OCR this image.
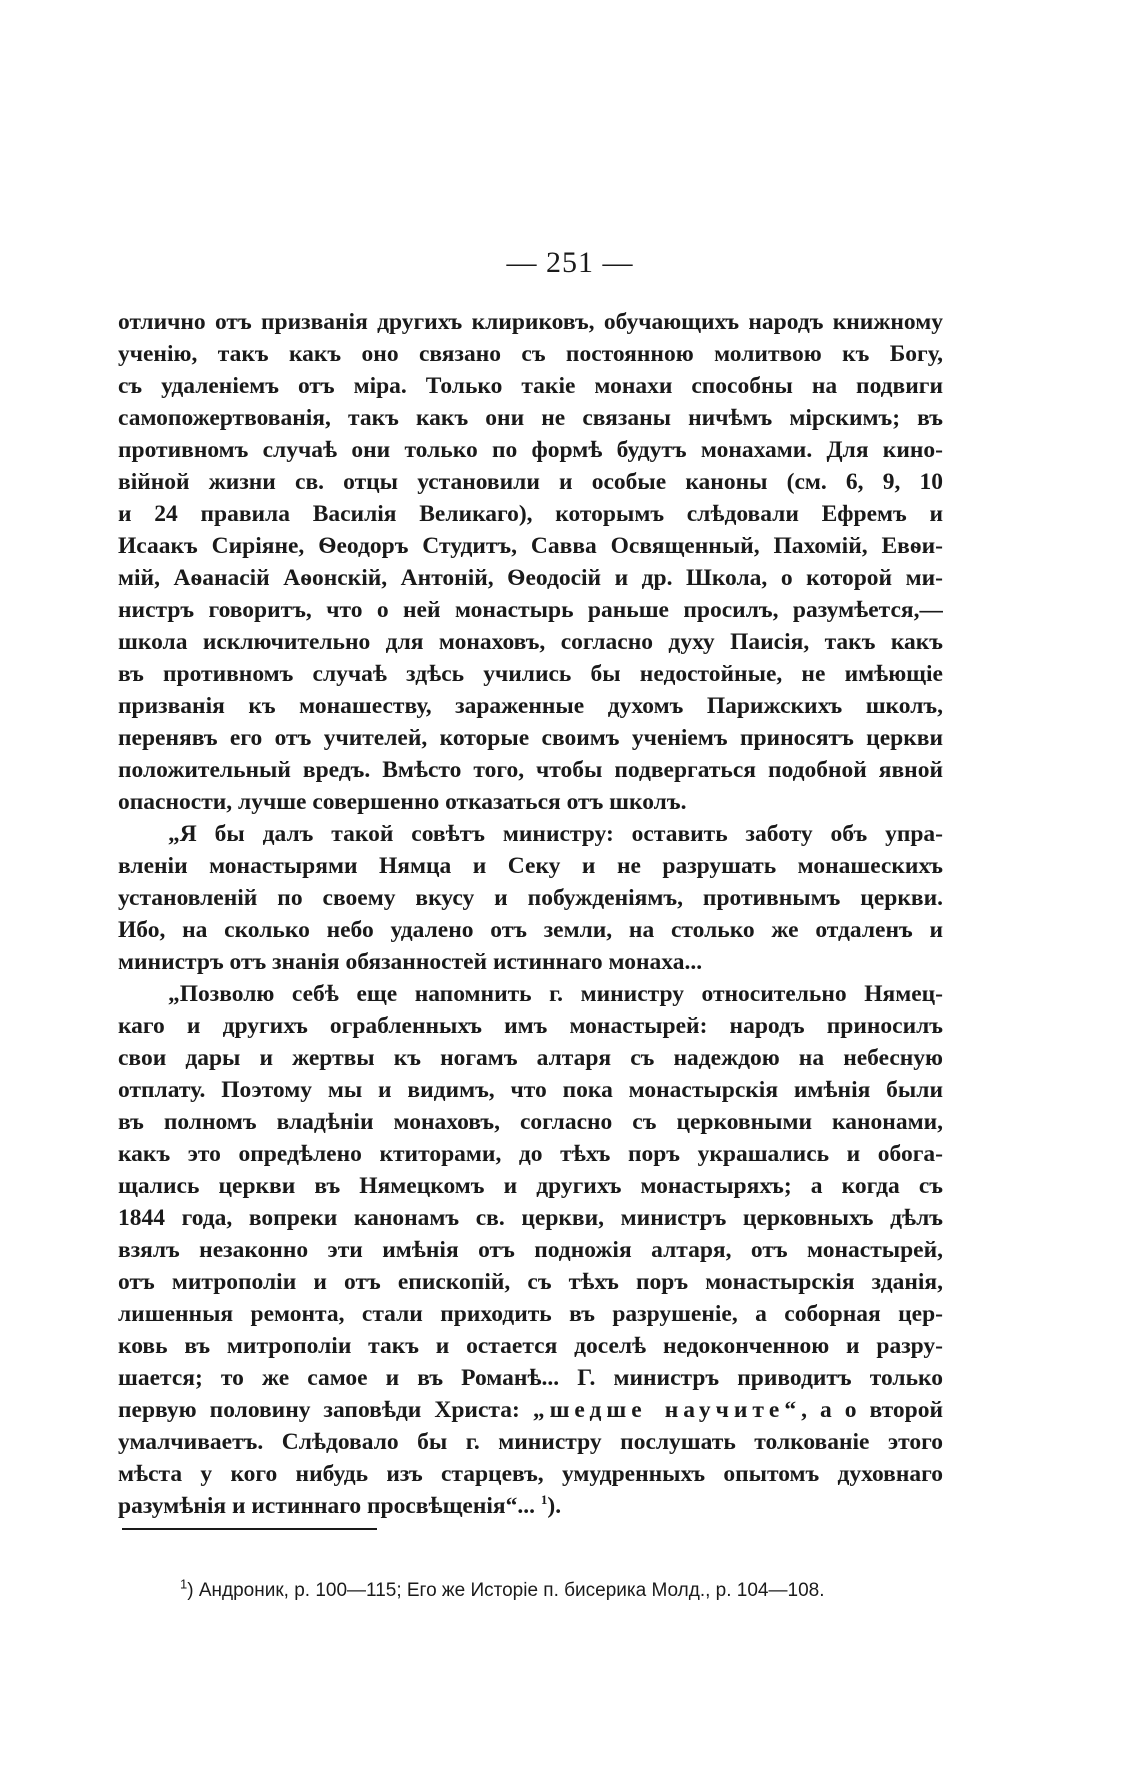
— 251 —
отлично отъ призванія другихъ клириковъ, обучающихъ народъ книжному
ученію, такъ какъ оно связано съ постоянною молитвою къ Богу,
съ удаленіемъ отъ міра. Только такіе монахи способны на подвиги
самопожертвованія, такъ какъ они не связаны ничѣмъ мірскимъ; въ
противномъ случаѣ они только по формѣ будутъ монахами. Для кино-
війной жизни св. отцы установили и особые каноны (см. 6, 9, 10
и 24 правила Василія Великаго), которымъ слѣдовали Ефремъ и
Исаакъ Сиріяне, Ѳеодоръ Студитъ, Савва Освященный, Пахомій, Евѳи-
мій, Аѳанасій Аѳонскій, Антоній, Ѳеодосій и др. Школа, о которой ми-
нистръ говоритъ, что о ней монастырь раньше просилъ, разумѣется,—
школа исключительно для монаховъ, согласно духу Паисія, такъ какъ
въ противномъ случаѣ здѣсь учились бы недостойные, не имѣющіе
призванія къ монашеству, зараженные духомъ Парижскихъ школъ,
перенявъ его отъ учителей, которые своимъ ученіемъ приносятъ церкви
положительный вредъ. Вмѣсто того, чтобы подвергаться подобной явной
опасности, лучше совершенно отказаться отъ школъ.
„Я бы далъ такой совѣтъ министру: оставить заботу объ упра-
вленіи монастырями Нямца и Секу и не разрушать монашескихъ
установленій по своему вкусу и побужденіямъ, противнымъ церкви.
Ибо, на сколько небо удалено отъ земли, на столько же отдаленъ и
министръ отъ знанія обязанностей истиннаго монаха...
„Позволю себѣ еще напомнить г. министру относительно Нямец-
каго и другихъ ограбленныхъ имъ монастырей: народъ приносилъ
свои дары и жертвы къ ногамъ алтаря съ надеждою на небесную
отплату. Поэтому мы и видимъ, что пока монастырскія имѣнія были
въ полномъ владѣніи монаховъ, согласно съ церковными канонами,
какъ это опредѣлено ктиторами, до тѣхъ поръ украшались и обога-
щались церкви въ Нямецкомъ и другихъ монастыряхъ; а когда съ
1844 года, вопреки канонамъ св. церкви, министръ церковныхъ дѣлъ
взялъ незаконно эти имѣнія отъ подножія алтаря, отъ монастырей,
отъ митрополіи и отъ епископій, съ тѣхъ поръ монастырскія зданія,
лишенныя ремонта, стали приходить въ разрушеніе, а соборная цер-
ковь въ митрополіи такъ и остается доселѣ недоконченною и разру-
шается; то же самое и въ Романѣ... Г. министръ приводитъ только
первую половину заповѣди Христа: „шедше научите“, а о второй
умалчиваетъ. Слѣдовало бы г. министру послушать толкованіе этого
мѣста у кого нибудь изъ старцевъ, умудренныхъ опытомъ духовнаго
разумѣнія и истиннаго просвѣщенія“... $^1$).
$^1$) Андроник, р. 100—115; Его же Исторіе п. бисерика Молд., р. 104—108.
